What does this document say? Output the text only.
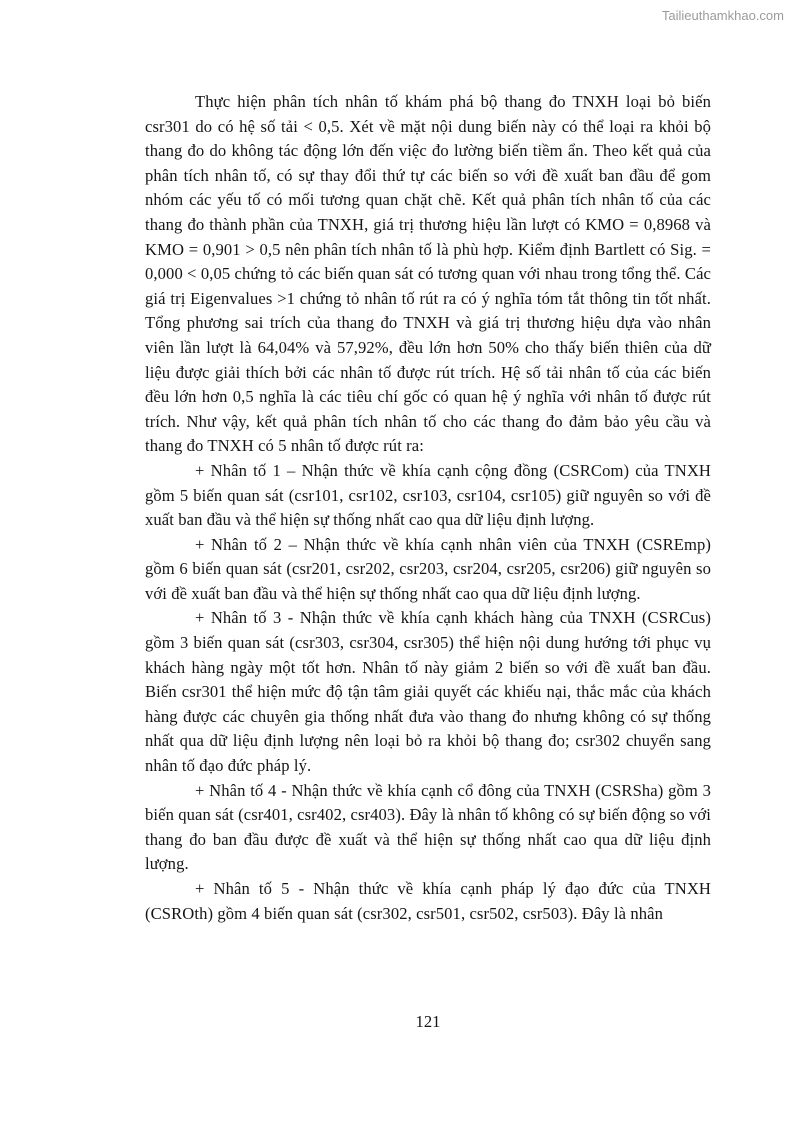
Tailieuthamkhao.com

Thực hiện phân tích nhân tố khám phá bộ thang đo TNXH loại bỏ biến csr301 do có hệ số tải < 0,5. Xét về mặt nội dung biến này có thể loại ra khỏi bộ thang đo do không tác động lớn đến việc đo lường biến tiềm ẩn. Theo kết quả của phân tích nhân tố, có sự thay đổi thứ tự các biến so với đề xuất ban đầu để gom nhóm các yếu tố có mối tương quan chặt chẽ. Kết quả phân tích nhân tố của các thang đo thành phần của TNXH, giá trị thương hiệu lần lượt có KMO = 0,8968 và KMO = 0,901 > 0,5 nên phân tích nhân tố là phù hợp. Kiểm định Bartlett có Sig. = 0,000 < 0,05 chứng tỏ các biến quan sát có tương quan với nhau trong tổng thể. Các giá trị Eigenvalues >1 chứng tỏ nhân tố rút ra có ý nghĩa tóm tắt thông tin tốt nhất. Tổng phương sai trích của thang đo TNXH và giá trị thương hiệu dựa vào nhân viên lần lượt là 64,04% và 57,92%, đều lớn hơn 50% cho thấy biến thiên của dữ liệu được giải thích bởi các nhân tố được rút trích. Hệ số tải nhân tố của các biến đều lớn hơn 0,5 nghĩa là các tiêu chí gốc có quan hệ ý nghĩa với nhân tố được rút trích. Như vậy, kết quả phân tích nhân tố cho các thang đo đảm bảo yêu cầu và thang đo TNXH có 5 nhân tố được rút ra:

+ Nhân tố 1 – Nhận thức về khía cạnh cộng đồng (CSRCom) của TNXH gồm 5 biến quan sát (csr101, csr102, csr103, csr104, csr105) giữ nguyên so với đề xuất ban đầu và thể hiện sự thống nhất cao qua dữ liệu định lượng.

+ Nhân tố 2 – Nhận thức về khía cạnh nhân viên của TNXH (CSREmp) gồm 6 biến quan sát (csr201, csr202, csr203, csr204, csr205, csr206) giữ nguyên so với đề xuất ban đầu và thể hiện sự thống nhất cao qua dữ liệu định lượng.

+ Nhân tố 3 - Nhận thức về khía cạnh khách hàng của TNXH (CSRCus) gồm 3 biến quan sát (csr303, csr304, csr305) thể hiện nội dung hướng tới phục vụ khách hàng ngày một tốt hơn. Nhân tố này giảm 2 biến so với đề xuất ban đầu. Biến csr301 thể hiện mức độ tận tâm giải quyết các khiếu nại, thắc mắc của khách hàng được các chuyên gia thống nhất đưa vào thang đo nhưng không có sự thống nhất qua dữ liệu định lượng nên loại bỏ ra khỏi bộ thang đo; csr302 chuyển sang nhân tố đạo đức pháp lý.

+ Nhân tố 4 - Nhận thức về khía cạnh cổ đông của TNXH (CSRSha) gồm 3 biến quan sát (csr401, csr402, csr403). Đây là nhân tố không có sự biến động so với thang đo ban đầu được đề xuất và thể hiện sự thống nhất cao qua dữ liệu định lượng.

+ Nhân tố 5 - Nhận thức về khía cạnh pháp lý đạo đức của TNXH (CSROth) gồm 4 biến quan sát (csr302, csr501, csr502, csr503). Đây là nhân

121
